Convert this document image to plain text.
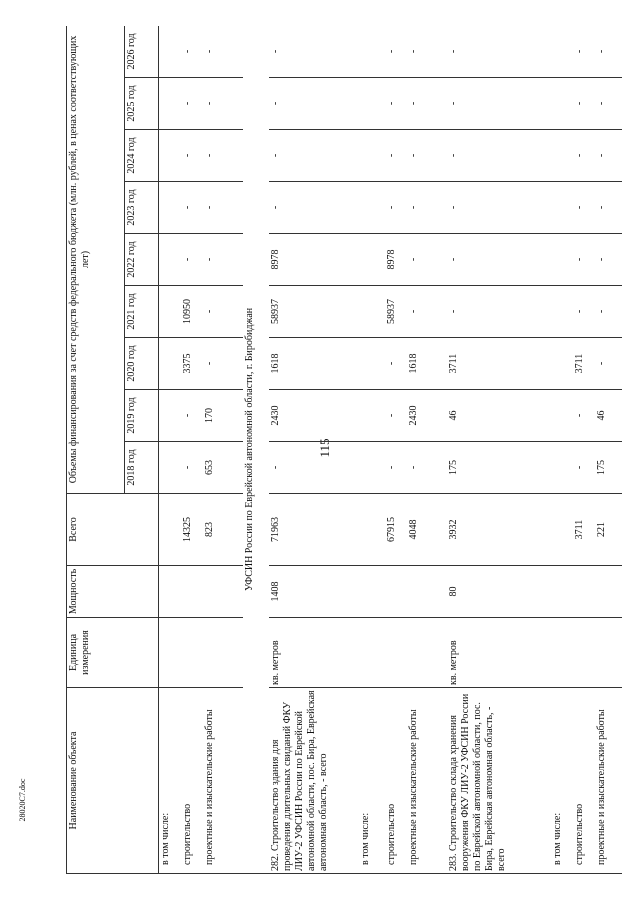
115
Наименование объекта	Единица измерения	Мощность	Всего	Объемы финансирования за счет средств федерального бюджета (млн. рублей, в ценах соответствующих лет)								
				2018 год	2019 год	2020 год	2021 год	2022 год	2023 год	2024 год	2025 год	2026 год
в том числе:												
строительство			14325	-	-	3375	10950	-	-	-	-	-
проектные и изыскательские работы			823	653	170	-	-	-	-	-	-	-
УФСИН России по Еврейской автономной области, г. Биробиджан												
282. Строительство здания для проведения длительных свиданий ФКУ ЛИУ-2 УФСИН России по Еврейской автономной области, пос. Бира, Еврейская автономная область, - всего	кв. метров	1408	71963	-	2430	1618	58937	8978	-	-	-	-
в том числе:												
строительство			67915	-	-	-	58937	8978	-	-	-	-
проектные и изыскательские работы			4048	-	2430	1618	-	-	-	-	-	-
283. Строительство склада хранения вооружения ФКУ ЛИУ-2 УФСИН России по Еврейской автономной области, пос. Бира, Еврейская автономная область, - всего	кв. метров	80	3932	175	46	3711	-	-	-	-	-	-
в том числе:												
строительство			3711	-	-	3711	-	-	-	-	-	-
проектные и изыскательские работы			221	175	46	-	-	-	-	-	-	-
28020C7.doc
